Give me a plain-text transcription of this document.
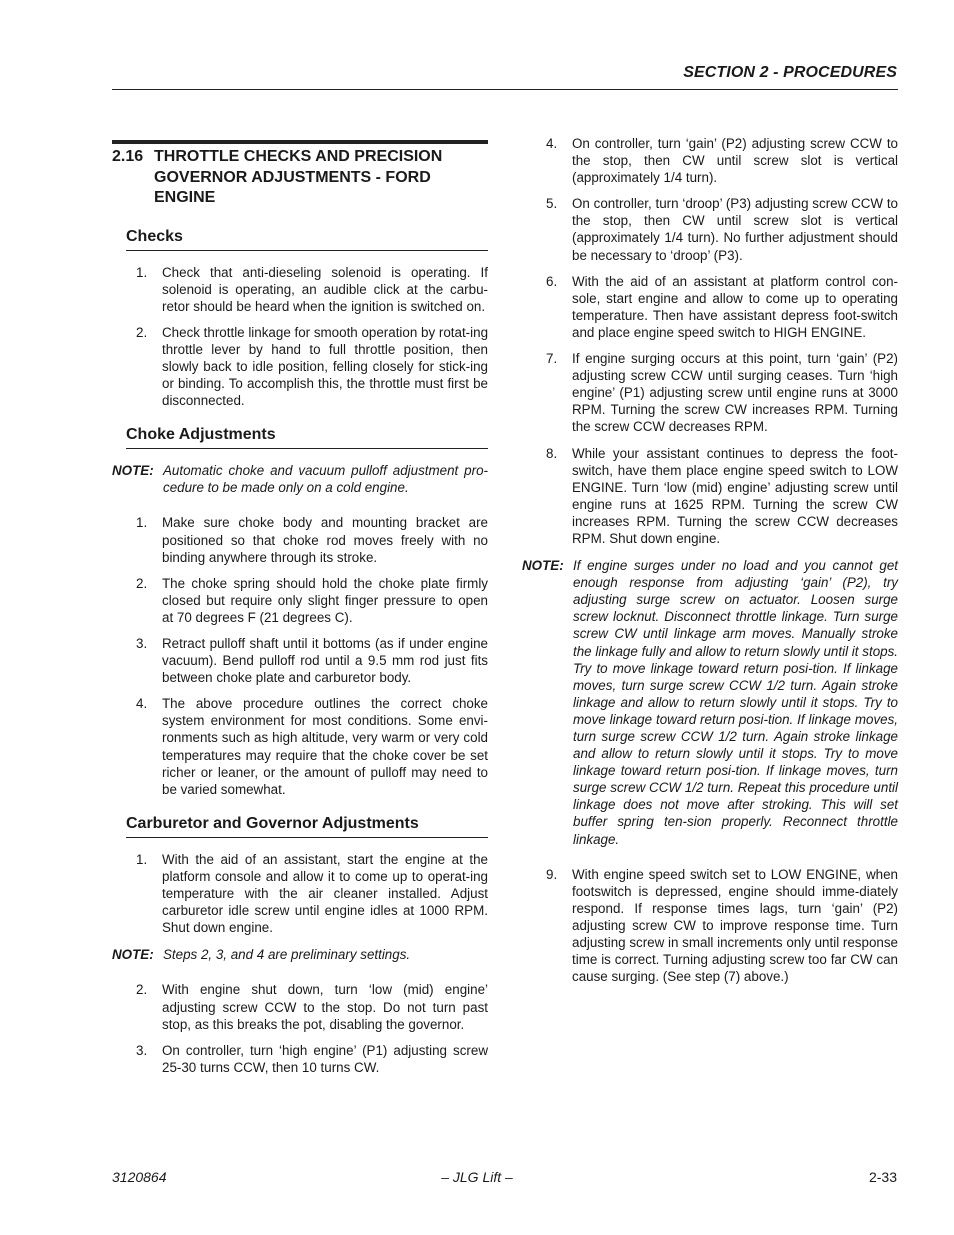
SECTION 2 - PROCEDURES
2.16 THROTTLE CHECKS AND PRECISION GOVERNOR ADJUSTMENTS - FORD ENGINE
Checks
1.	Check that anti-dieseling solenoid is operating. If solenoid is operating, an audible click at the carbu-retor should be heard when the ignition is switched on.
2.	Check throttle linkage for smooth operation by rotat-ing throttle lever by hand to full throttle position, then slowly back to idle position, felling closely for stick-ing or binding. To accomplish this, the throttle must first be disconnected.
Choke Adjustments
NOTE: Automatic choke and vacuum pulloff adjustment pro-cedure to be made only on a cold engine.
1.	Make sure choke body and mounting bracket are positioned so that choke rod moves freely with no binding anywhere through its stroke.
2.	The choke spring should hold the choke plate firmly closed but require only slight finger pressure to open at 70 degrees F (21 degrees C).
3.	Retract pulloff shaft until it bottoms (as if under engine vacuum). Bend pulloff rod until a 9.5 mm rod just fits between choke plate and carburetor body.
4.	The above procedure outlines the correct choke system environment for most conditions. Some envi-ronments such as high altitude, very warm or very cold temperatures may require that the choke cover be set richer or leaner, or the amount of pulloff may need to be varied somewhat.
Carburetor and Governor Adjustments
1.	With the aid of an assistant, start the engine at the platform console and allow it to come up to operat-ing temperature with the air cleaner installed. Adjust carburetor idle screw until engine idles at 1000 RPM. Shut down engine.
NOTE: Steps 2, 3, and 4 are preliminary settings.
2.	With engine shut down, turn ‘low (mid) engine’ adjusting screw CCW to the stop. Do not turn past stop, as this breaks the pot, disabling the governor.
3.	On controller, turn ‘high engine’ (P1) adjusting screw 25-30 turns CCW, then 10 turns CW.
4.	On controller, turn ‘gain’ (P2) adjusting screw CCW to the stop, then CW until screw slot is vertical (approximately 1/4 turn).
5.	On controller, turn ‘droop’ (P3) adjusting screw CCW to the stop, then CW until screw slot is vertical (approximately 1/4 turn). No further adjustment should be necessary to ‘droop’ (P3).
6.	With the aid of an assistant at platform control con-sole, start engine and allow to come up to operating temperature. Then have assistant depress foot-switch and place engine speed switch to HIGH ENGINE.
7.	If engine surging occurs at this point, turn ‘gain’ (P2) adjusting screw CCW until surging ceases. Turn ‘high engine’ (P1) adjusting screw until engine runs at 3000 RPM. Turning the screw CW increases RPM. Turning the screw CCW decreases RPM.
8.	While your assistant continues to depress the foot-switch, have them place engine speed switch to LOW ENGINE. Turn ‘low (mid) engine’ adjusting screw until engine runs at 1625 RPM. Turning the screw CW increases RPM. Turning the screw CCW decreases RPM. Shut down engine.
NOTE: If engine surges under no load and you cannot get enough response from adjusting ‘gain’ (P2), try adjusting surge screw on actuator. Loosen surge screw locknut. Disconnect throttle linkage. Turn surge screw CW until linkage arm moves. Manually stroke the linkage fully and allow to return slowly until it stops. Try to move linkage toward return posi-tion. If linkage moves, turn surge screw CCW 1/2 turn. Again stroke linkage and allow to return slowly until it stops. Try to move linkage toward return posi-tion. If linkage moves, turn surge screw CCW 1/2 turn. Again stroke linkage and allow to return slowly until it stops. Try to move linkage toward return posi-tion. If linkage moves, turn surge screw CCW 1/2 turn. Repeat this procedure until linkage does not move after stroking. This will set buffer spring ten-sion properly. Reconnect throttle linkage.
9.	With engine speed switch set to LOW ENGINE, when footswitch is depressed, engine should imme-diately respond. If response times lags, turn ‘gain’ (P2) adjusting screw CW to improve response time. Turn adjusting screw in small increments only until response time is correct. Turning adjusting screw too far CW can cause surging. (See step (7) above.)
3120864	– JLG Lift –	2-33
